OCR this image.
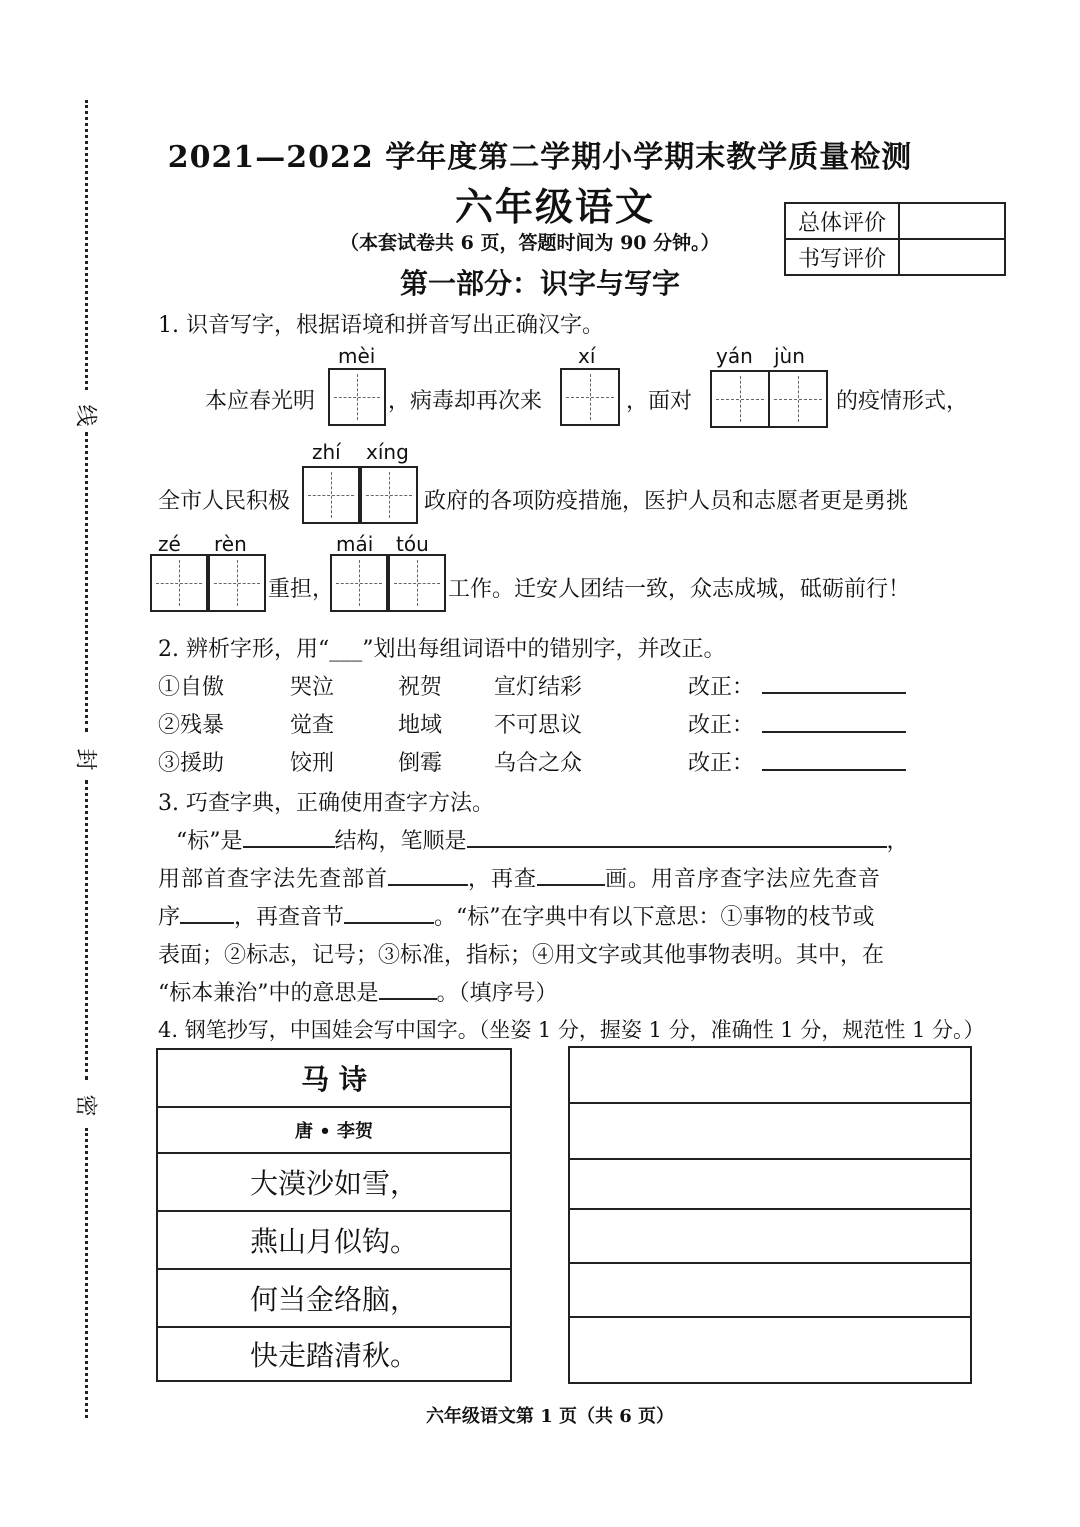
线
封
密
2021—2022 学年度第二学期小学期末教学质量检测
六年级语文
（本套试卷共 6 页，答题时间为 90 分钟。）
第一部分：识字与写字
总体评价	
书写评价	
1. 识音写字，根据语境和拼音写出正确汉字。
mèi	xí	yán jùn
本应春光明	，病毒却再次来	，面对	的疫情形式，
zhí xíng
全市人民积极	政府的各项防疫措施，医护人员和志愿者更是勇挑
zé rèn	mái tóu
重担，	工作。迁安人团结一致，众志成城，砥砺前行！
2. 辨析字形，用“___”划出每组词语中的错别字，并改正。
①自傲	哭泣	祝贺 宣灯结彩	改正：
②残暴	觉查	地域 不可思议	改正：
③援助	饺刑	倒霉 乌合之众	改正：
3. 巧查字典，正确使用查字方法。
“标”是	结构，笔顺是	，
用部首查字法先查部首	，再查	画。用音序查字法应先查音
序 ，再查音节	。“标”在字典中有以下意思：①事物的枝节或
表面；②标志，记号；③标准，指标；④用文字或其他事物表明。其中，在
“标本兼治”中的意思是	。（填序号）
4. 钢笔抄写，中国娃会写中国字。（坐姿 1 分，握姿 1 分，准确性 1 分，规范性 1 分。）
马 诗
唐 • 李贺
大漠沙如雪，
燕山月似钩。
何当金络脑，
快走踏清秋。
六年级语文第 1 页（共 6 页）
